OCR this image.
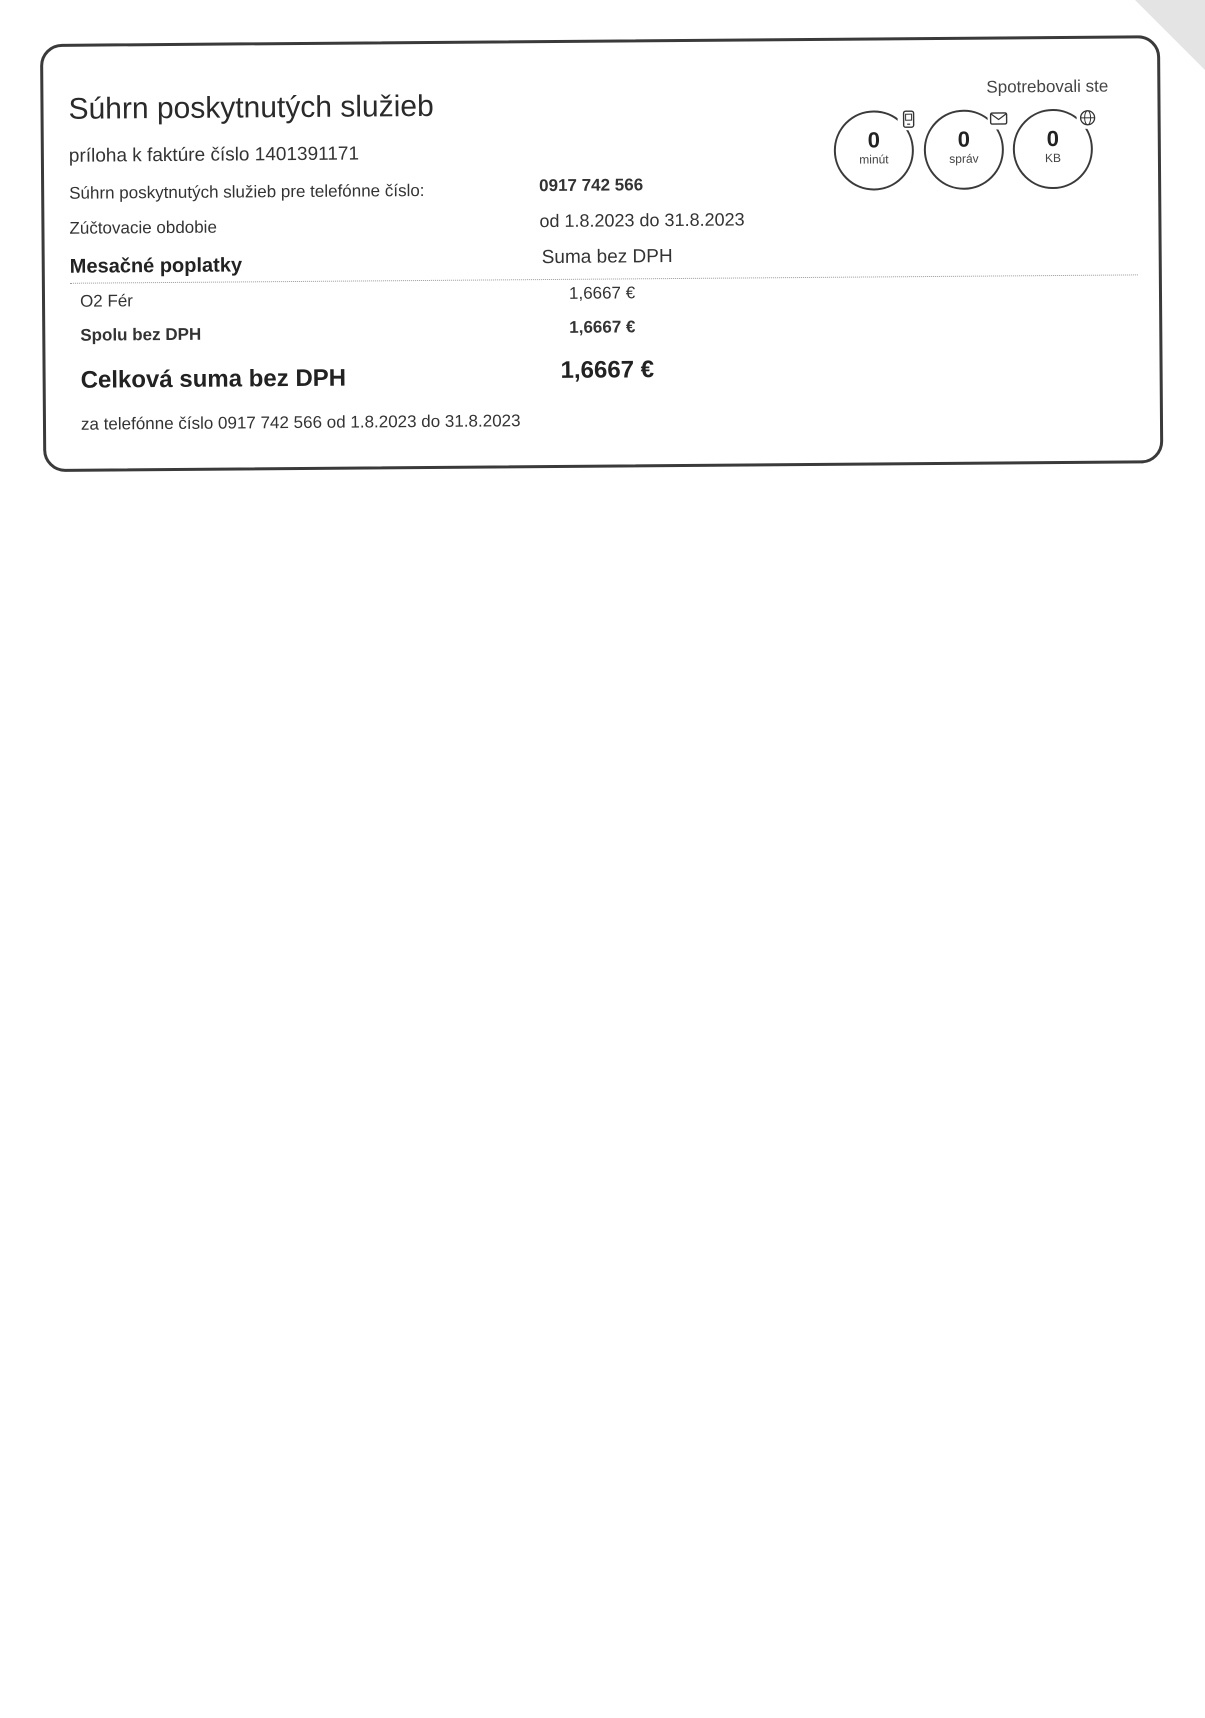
Súhrn poskytnutých služieb
príloha k faktúre číslo 1401391171
Súhrn poskytnutých služieb pre telefónne číslo:	0917 742 566
Zúčtovacie obdobie	od 1.8.2023 do 31.8.2023
Mesačné poplatky	Suma bez DPH
O2 Fér	1,6667 €
Spolu bez DPH	1,6667 €
Celková suma bez DPH	1,6667 €
za telefónne číslo 0917 742 566 od 1.8.2023 do 31.8.2023
Spotrebovali ste
0
minút
0
správ
0
KB
